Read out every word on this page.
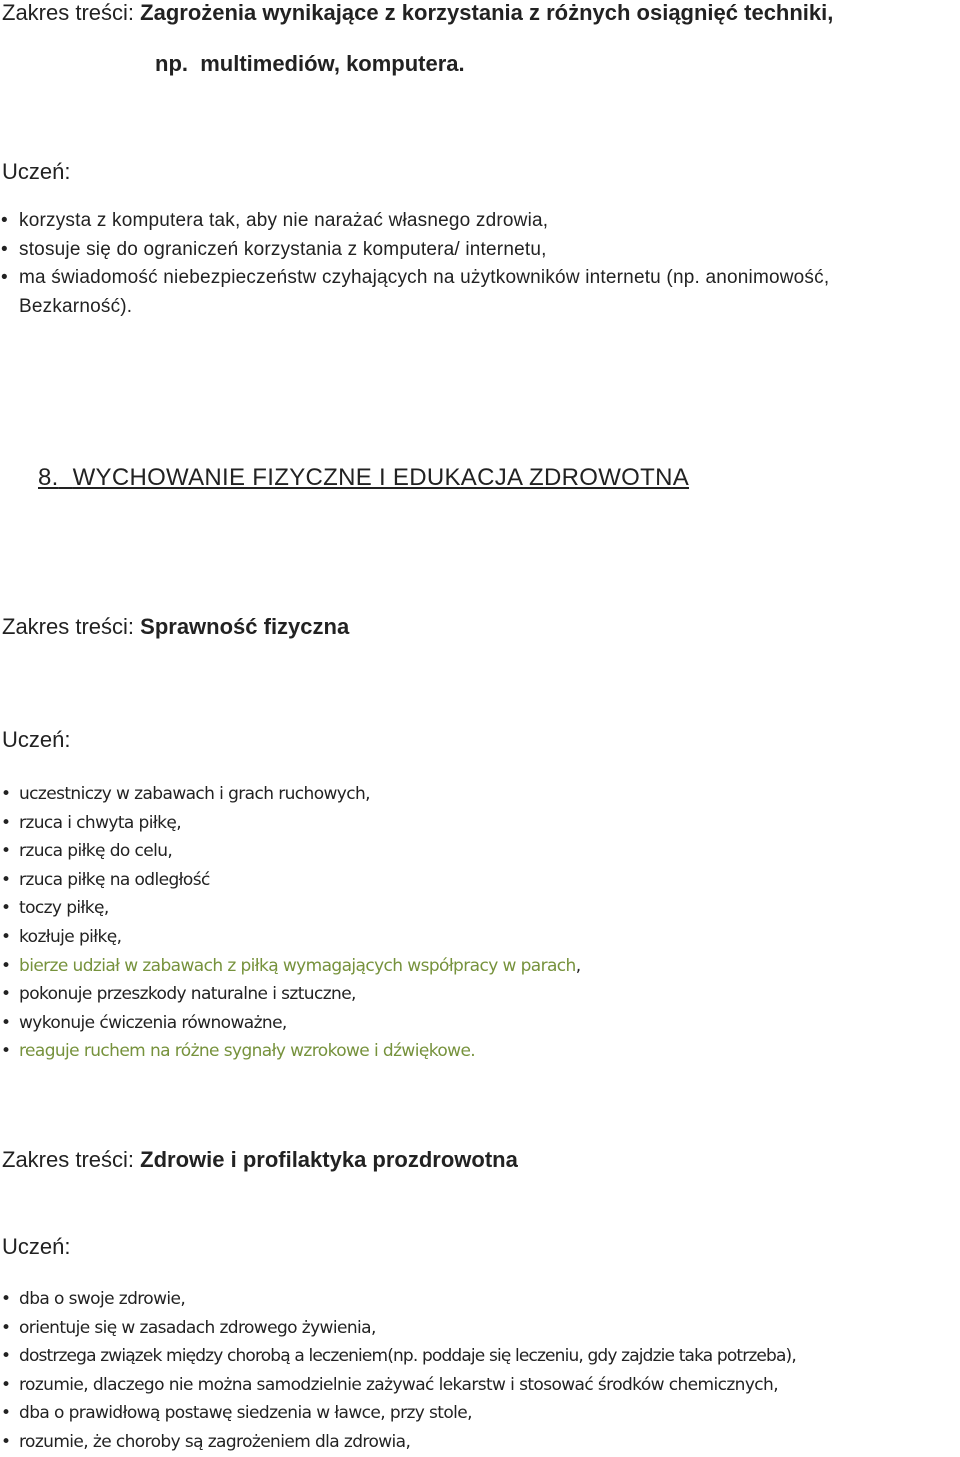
Zakres treści: Zagrożenia wynikające z korzystania z różnych osiągnięć techniki,
np.  multimediów, komputera.
Uczeń:
• korzysta z komputera tak, aby nie narażać własnego zdrowia,
• stosuje się do ograniczeń korzystania z komputera/ internetu,
• ma świadomość niebezpieczeństw czyhających na użytkowników internetu (np. anonimowość,
Bezkarność).
8. WYCHOWANIE FIZYCZNE I EDUKACJA ZDROWOTNA
Zakres treści: Sprawność fizyczna
Uczeń:
• uczestniczy w zabawach i grach ruchowych,
• rzuca i chwyta piłkę,
• rzuca piłkę do celu,
• rzuca piłkę na odległość
• toczy piłkę,
• kozłuje piłkę,
• bierze udział w zabawach z piłką wymagających współpracy w parach,
• pokonuje przeszkody naturalne i sztuczne,
• wykonuje ćwiczenia równoważne,
• reaguje ruchem na różne sygnały wzrokowe i dźwiękowe.
Zakres treści: Zdrowie i profilaktyka prozdrowotna
Uczeń:
• dba o swoje zdrowie,
• orientuje się w zasadach zdrowego żywienia,
• dostrzega związek między chorobą a leczeniem(np. poddaje się leczeniu, gdy zajdzie taka potrzeba),
• rozumie, dlaczego nie można samodzielnie zażywać lekarstw i stosować środków chemicznych,
• dba o prawidłową postawę siedzenia w ławce, przy stole,
• rozumie, że choroby są zagrożeniem dla zdrowia,
